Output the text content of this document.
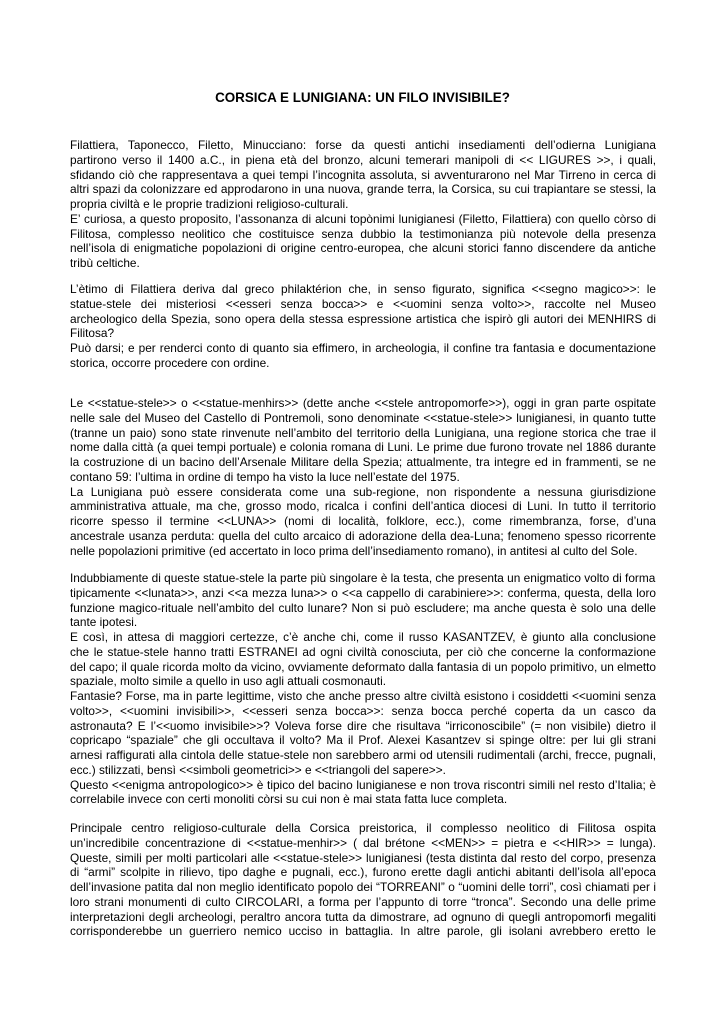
CORSICA E LUNIGIANA: UN FILO INVISIBILE?
Filattiera, Taponecco, Filetto, Minucciano: forse da questi antichi insediamenti dell’odierna Lunigiana
partirono verso il 1400 a.C., in piena età del bronzo, alcuni temerari manipoli di << LIGURES >>, i quali,
sfidando ciò che rappresentava a quei tempi l’incognita assoluta, si avventurarono nel Mar Tirreno in cerca di
altri spazi da colonizzare ed approdarono in una nuova, grande terra, la Corsica, su cui trapiantare se stessi, la
propria civiltà e le proprie tradizioni religioso-culturali.
E’ curiosa, a questo proposito, l’assonanza di alcuni topònimi lunigianesi (Filetto, Filattiera) con quello còrso di
Filitosa, complesso neolitico che costituisce senza dubbio la testimonianza più notevole della presenza
nell’isola di enigmatiche popolazioni di origine centro-europea, che alcuni storici fanno discendere da antiche
tribù celtiche.
L’ètimo di Filattiera deriva dal greco philaktérion che, in senso figurato, significa <<segno magico>>: le
statue-stele dei misteriosi <<esseri senza bocca>> e <<uomini senza volto>>, raccolte nel Museo
archeologico della Spezia, sono opera della stessa espressione artistica che ispirò gli autori dei MENHIRS di
Filitosa?
Può darsi; e per renderci conto di quanto sia effimero, in archeologia, il confine tra fantasia e documentazione
storica, occorre procedere con ordine.
Le <<statue-stele>> o <<statue-menhirs>> (dette anche <<stele antropomorfe>>), oggi in gran parte ospitate
nelle sale del Museo del Castello di Pontremoli, sono denominate <<statue-stele>> lunigianesi, in quanto tutte
(tranne un paio) sono state rinvenute nell’ambito del territorio della Lunigiana, una regione storica che trae il
nome dalla città (a quei tempi portuale) e colonia romana di Luni. Le prime due furono trovate nel 1886 durante
la costruzione di un bacino dell’Arsenale Militare della Spezia; attualmente, tra integre ed in frammenti, se ne
contano 59: l’ultima in ordine di tempo ha visto la luce nell’estate del 1975.
La Lunigiana può essere considerata come una sub-regione, non rispondente a nessuna giurisdizione
amministrativa attuale, ma che, grosso modo, ricalca i confini dell’antica diocesi di Luni. In tutto il territorio
ricorre spesso il termine <<LUNA>> (nomi di località, folklore, ecc.), come rimembranza, forse, d’una
ancestrale usanza perduta: quella del culto arcaico di adorazione della dea-Luna; fenomeno spesso ricorrente
nelle popolazioni primitive (ed accertato in loco prima dell’insediamento romano), in antitesi al culto del Sole.
Indubbiamente di queste statue-stele la parte più singolare è la testa, che presenta un enigmatico volto di forma
tipicamente <<lunata>>, anzi <<a mezza luna>> o <<a cappello di carabiniere>>: conferma, questa, della loro
funzione magico-rituale nell’ambito del culto lunare? Non si può escludere; ma anche questa è solo una delle
tante ipotesi.
E così, in attesa di maggiori certezze, c’è anche chi, come il russo KASANTZEV, è giunto alla conclusione
che le statue-stele hanno tratti ESTRANEI ad ogni civiltà conosciuta, per ciò che concerne la conformazione
del capo; il quale ricorda molto da vicino, ovviamente deformato dalla fantasia di un popolo primitivo, un elmetto
spaziale, molto simile a quello in uso agli attuali cosmonauti.
Fantasie? Forse, ma in parte legittime, visto che anche presso altre civiltà esistono i cosiddetti <<uomini senza
volto>>, <<uomini invisibili>>, <<esseri senza bocca>>: senza bocca perché coperta da un casco da
astronauta? E l’<<uomo invisibile>>? Voleva forse dire che risultava “irriconoscibile” (= non visibile) dietro il
copricapo “spaziale” che gli occultava il volto? Ma il Prof. Alexei Kasantzev si spinge oltre: per lui gli strani
arnesi raffigurati alla cintola delle statue-stele non sarebbero armi od utensili rudimentali (archi, frecce, pugnali,
ecc.) stilizzati, bensì <<simboli geometrici>> e <<triangoli del sapere>>.
Questo <<enigma antropologico>> è tipico del bacino lunigianese e non trova riscontri simili nel resto d’Italia; è
correlabile invece con certi monoliti còrsi su cui non è mai stata fatta luce completa.
Principale centro religioso-culturale della Corsica preistorica, il complesso neolitico di Filitosa ospita
un’incredibile concentrazione di <<statue-menhir>> ( dal brétone <<MEN>> = pietra e <<HIR>> = lunga).
Queste, simili per molti particolari alle <<statue-stele>> lunigianesi (testa distinta dal resto del corpo, presenza
di “armi” scolpite in rilievo, tipo daghe e pugnali, ecc.), furono erette dagli antichi abitanti dell’isola all’epoca
dell’invasione patita dal non meglio identificato popolo dei “TORREANI” o “uomini delle torri”, così chiamati per i
loro strani monumenti di culto CIRCOLARI, a forma per l’appunto di torre “tronca”. Secondo una delle prime
interpretazioni degli archeologi, peraltro ancora tutta da dimostrare, ad ognuno di quegli antropomorfi megaliti
corrisponderebbe un guerriero nemico ucciso in battaglia. In altre parole, gli isolani avrebbero eretto le
